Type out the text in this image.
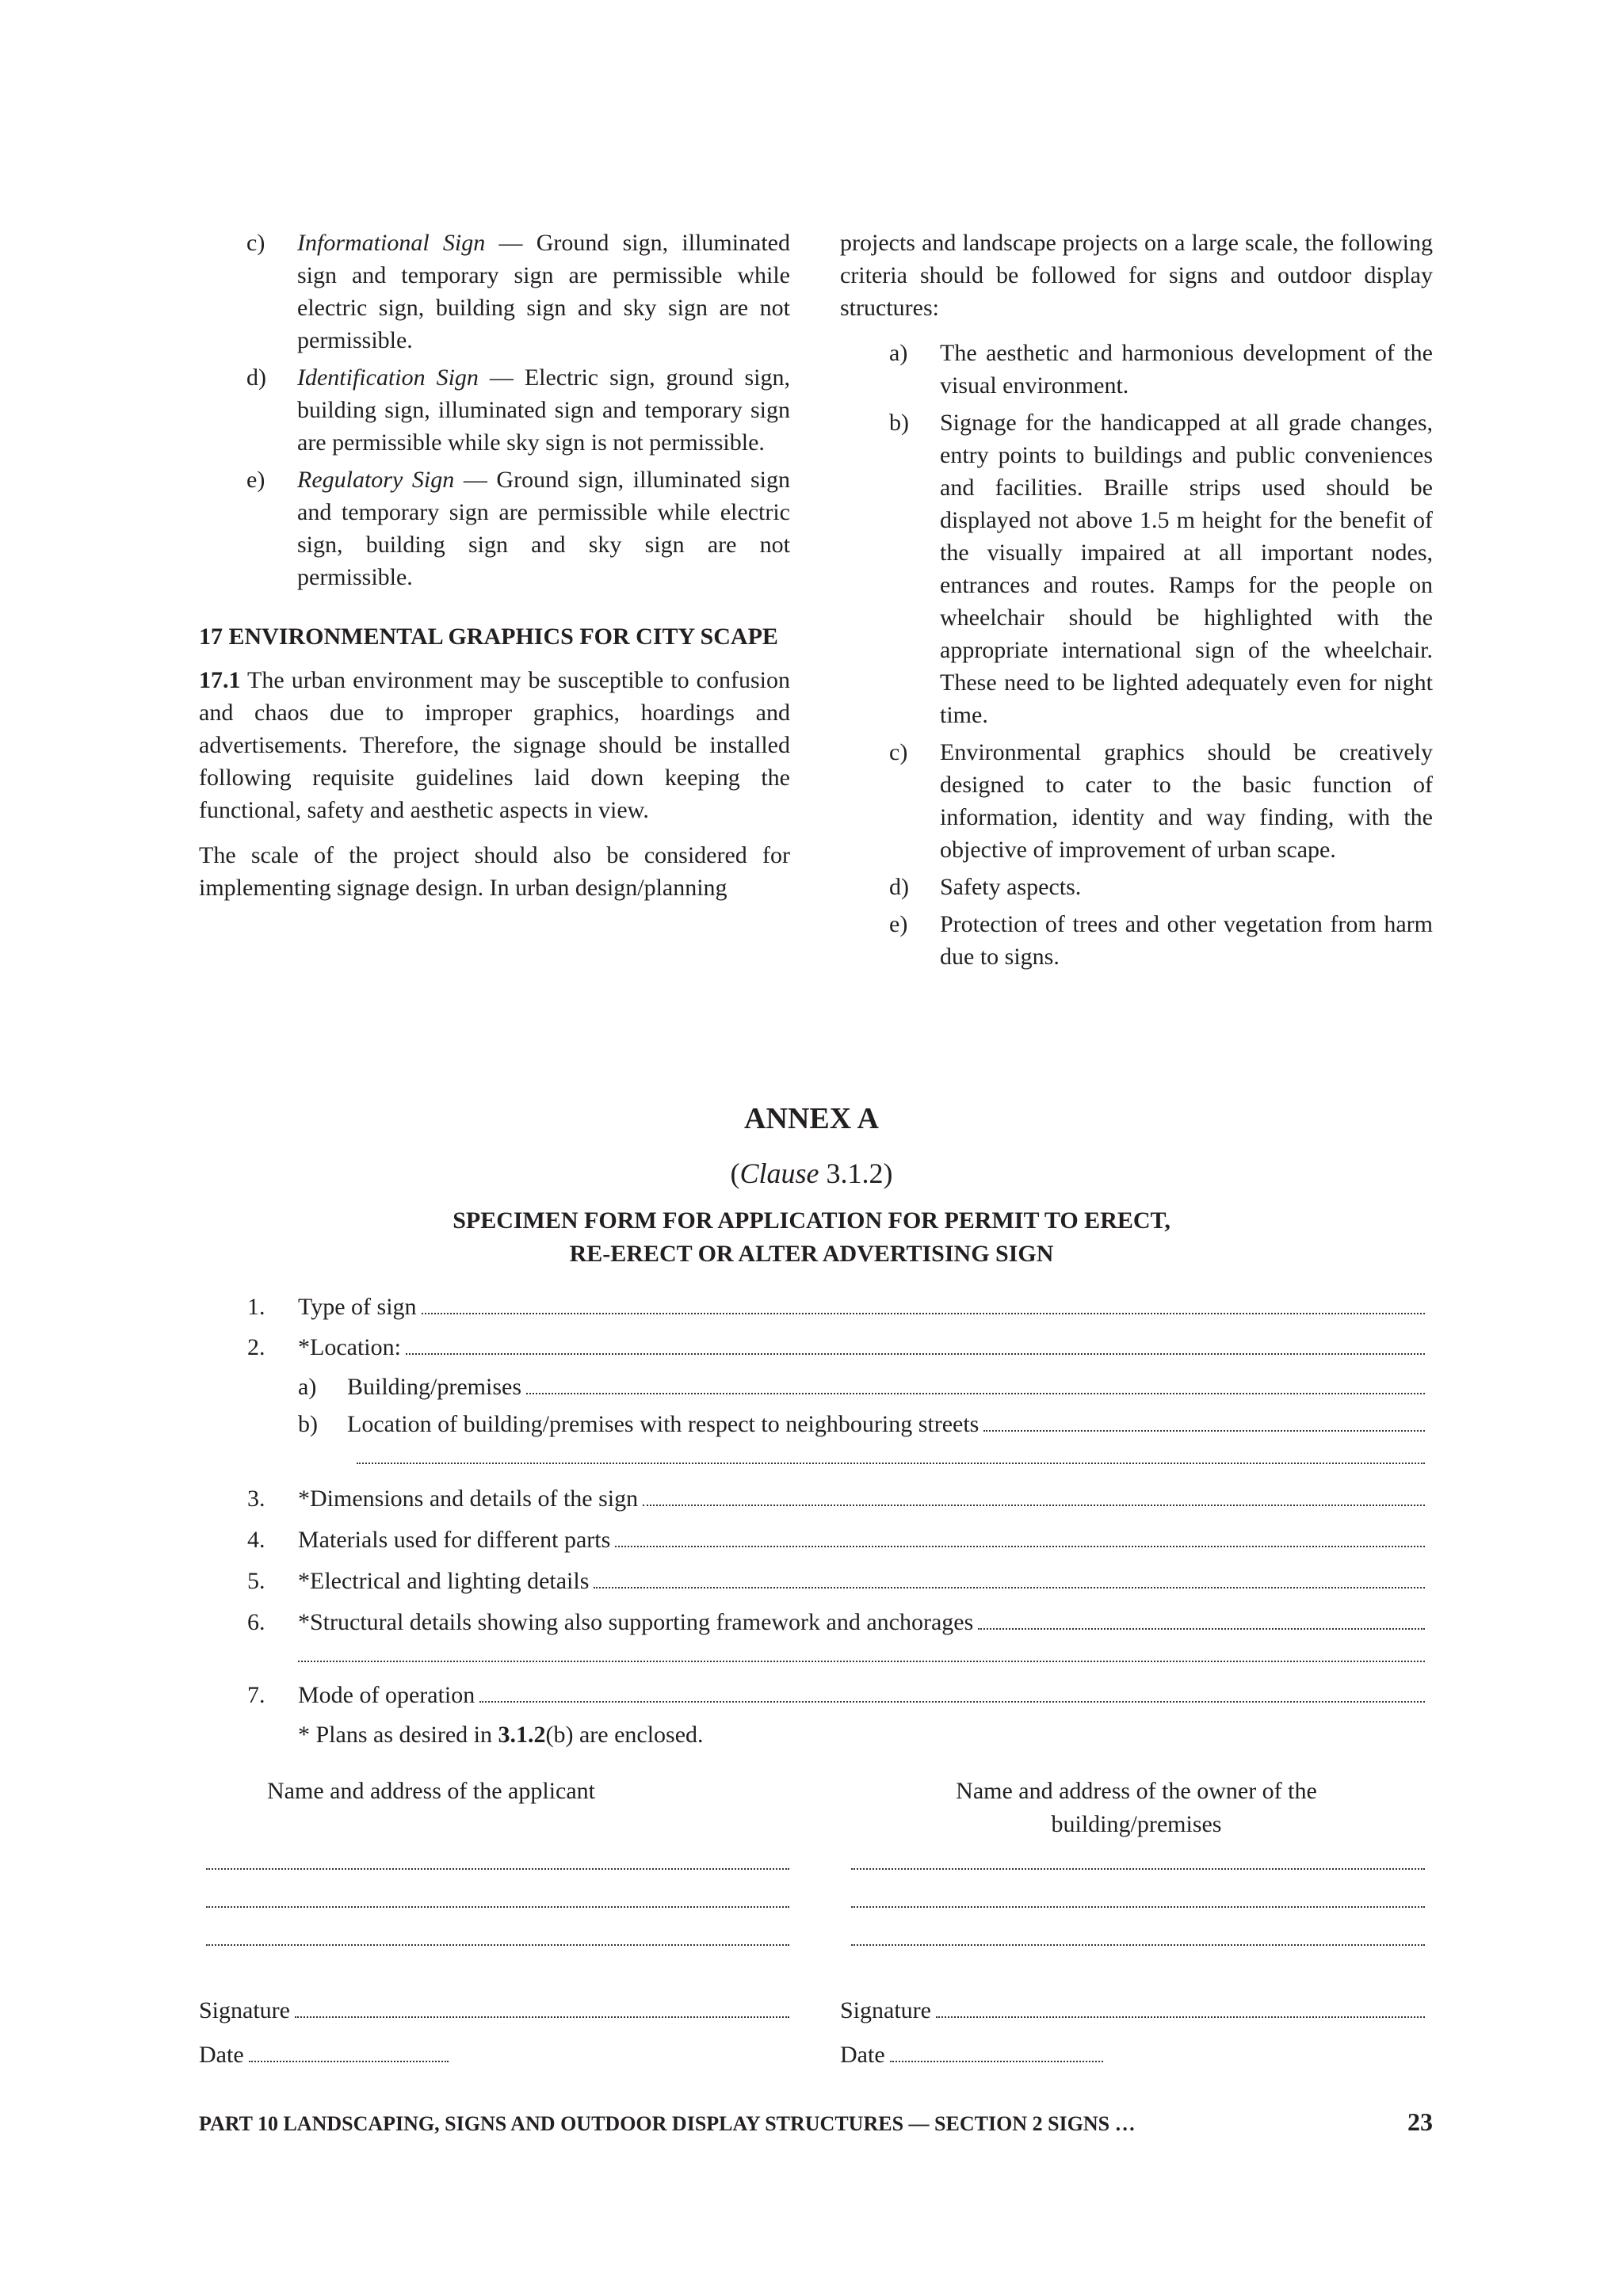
c)	Informational Sign — Ground sign, illuminated sign and temporary sign are permissible while electric sign, building sign and sky sign are not permissible.

d)	Identification Sign — Electric sign, ground sign, building sign, illuminated sign and temporary sign are permissible while sky sign is not permissible.

e)	Regulatory Sign — Ground sign, illuminated sign and temporary sign are permissible while electric sign, building sign and sky sign are not permissible.

17 ENVIRONMENTAL GRAPHICS FOR CITY SCAPE

17.1 The urban environment may be susceptible to confusion and chaos due to improper graphics, hoardings and advertisements. Therefore, the signage should be installed following requisite guidelines laid down keeping the functional, safety and aesthetic aspects in view.

The scale of the project should also be considered for implementing signage design. In urban design/planning

projects and landscape projects on a large scale, the following criteria should be followed for signs and outdoor display structures:

a)	The aesthetic and harmonious development of the visual environment.

b)	Signage for the handicapped at all grade changes, entry points to buildings and public conveniences and facilities. Braille strips used should be displayed not above 1.5 m height for the benefit of the visually impaired at all important nodes, entrances and routes. Ramps for the people on wheelchair should be highlighted with the appropriate international sign of the wheelchair. These need to be lighted adequately even for night time.

c)	Environmental graphics should be creatively designed to cater to the basic function of information, identity and way finding, with the objective of improvement of urban scape.

d)	Safety aspects.

e)	Protection of trees and other vegetation from harm due to signs.

ANNEX A
(Clause 3.1.2)
SPECIMEN FORM FOR APPLICATION FOR PERMIT TO ERECT,
RE-ERECT OR ALTER ADVERTISING SIGN
1.	Type of sign
2.	*Location:
a)	Building/premises
b)	Location of building/premises with respect to neighbouring streets
3.	*Dimensions and details of the sign
4.	Materials used for different parts
5.	*Electrical and lighting details
6.	*Structural details showing also supporting framework and anchorages
7.	Mode of operation
* Plans as desired in 3.1.2(b) are enclosed.
Name and address of the applicant	Name and address of the owner of the
building/premises
Signature	Signature
Date	Date
PART 10 LANDSCAPING, SIGNS AND OUTDOOR DISPLAY STRUCTURES — SECTION 2 SIGNS …	23
